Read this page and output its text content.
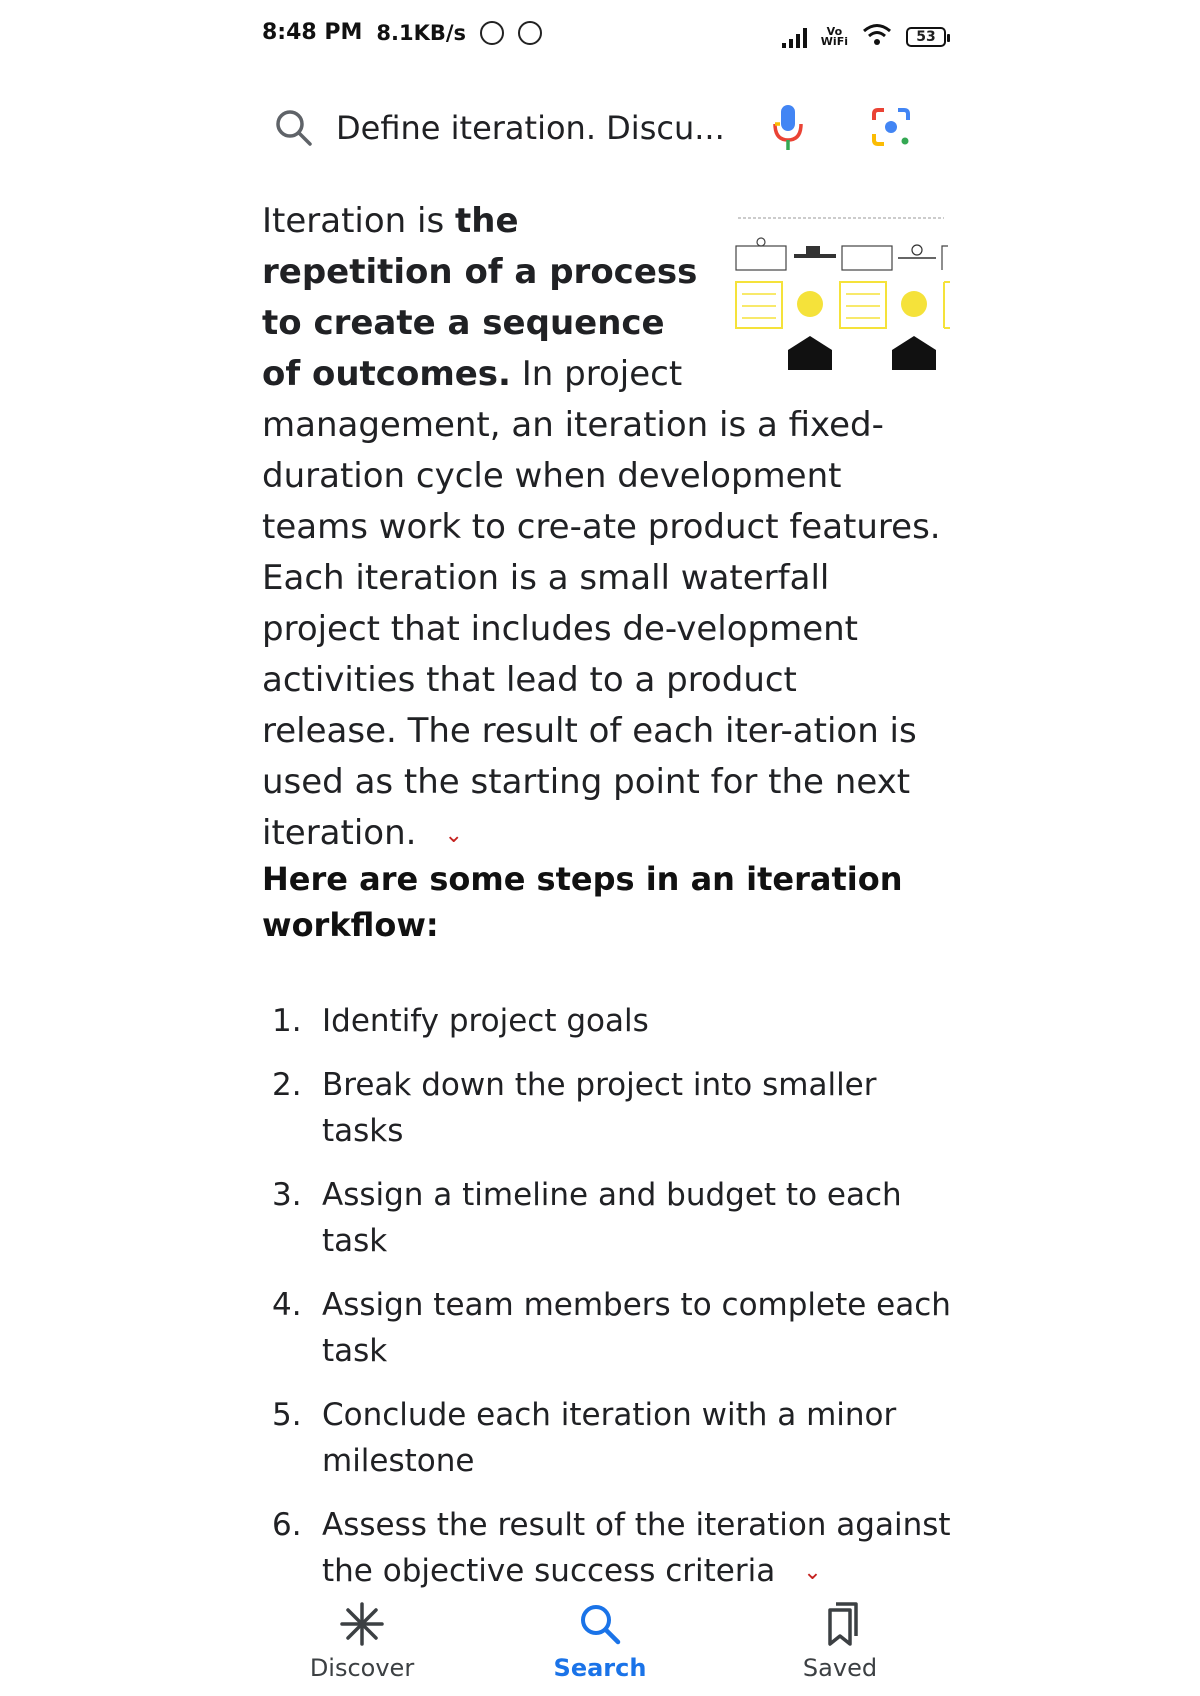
8:48 PM 8.1KB/s	Vo
WiFi	53
Define iteration. Discu...

Iteration is the repetition of a process to create a sequence of outcomes. In project management, an iteration is a fixed-duration cycle when development teams work to cre-ate product features. Each iteration is a small waterfall project that includes de-velopment activities that lead to a product release. The result of each iter-ation is used as the starting point for the next iteration. ⌄

Here are some steps in an iteration workflow:
1. Identify project goals
2. Break down the project into smaller tasks
3. Assign a timeline and budget to each task
4. Assign team members to complete each task
5. Conclude each iteration with a minor milestone
6. Assess the result of the iteration against the objective success criteria ⌄
Discover	Search	Saved
